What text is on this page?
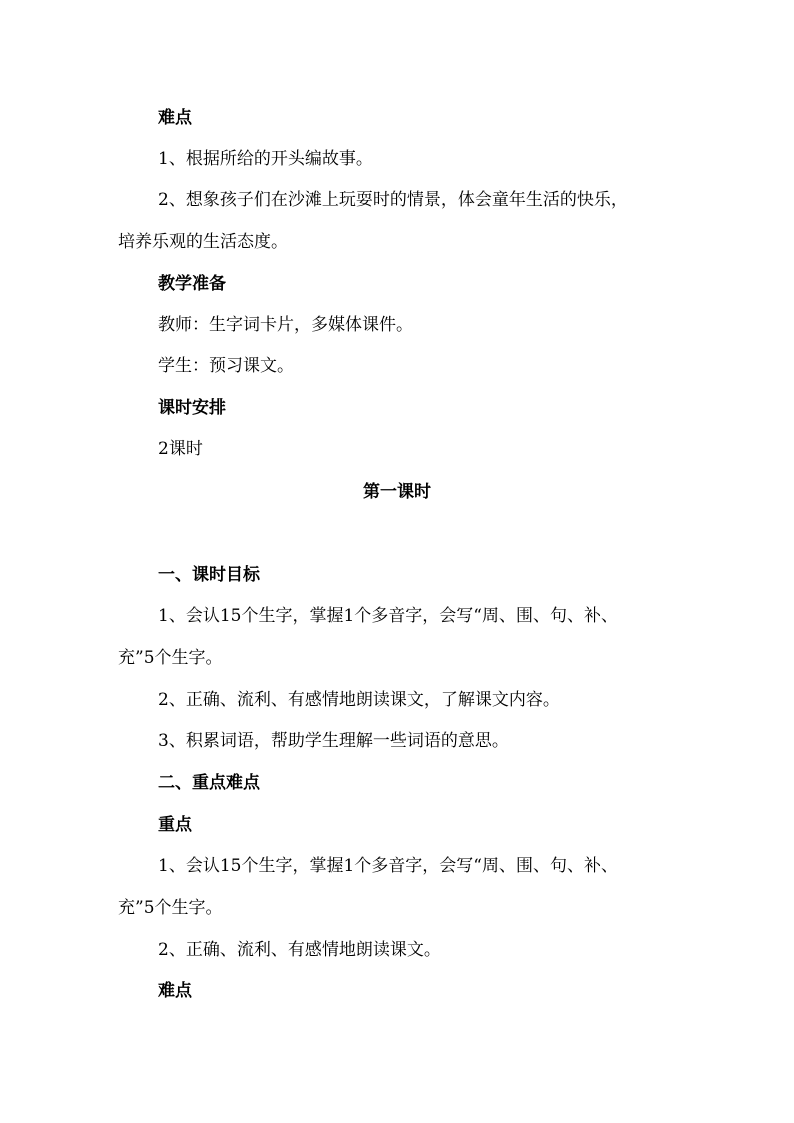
难点
1、根据所给的开头编故事。
2、想象孩子们在沙滩上玩耍时的情景，体会童年生活的快乐，
培养乐观的生活态度。
教学准备
教师：生字词卡片，多媒体课件。
学生：预习课文。
课时安排
2课时
第一课时
一、课时目标
1、会认15个生字，掌握1个多音字，会写“周、围、句、补、
充”5个生字。
2、正确、流利、有感情地朗读课文，了解课文内容。
3、积累词语，帮助学生理解一些词语的意思。
二、重点难点
重点
1、会认15个生字，掌握1个多音字，会写“周、围、句、补、
充”5个生字。
2、正确、流利、有感情地朗读课文。
难点
